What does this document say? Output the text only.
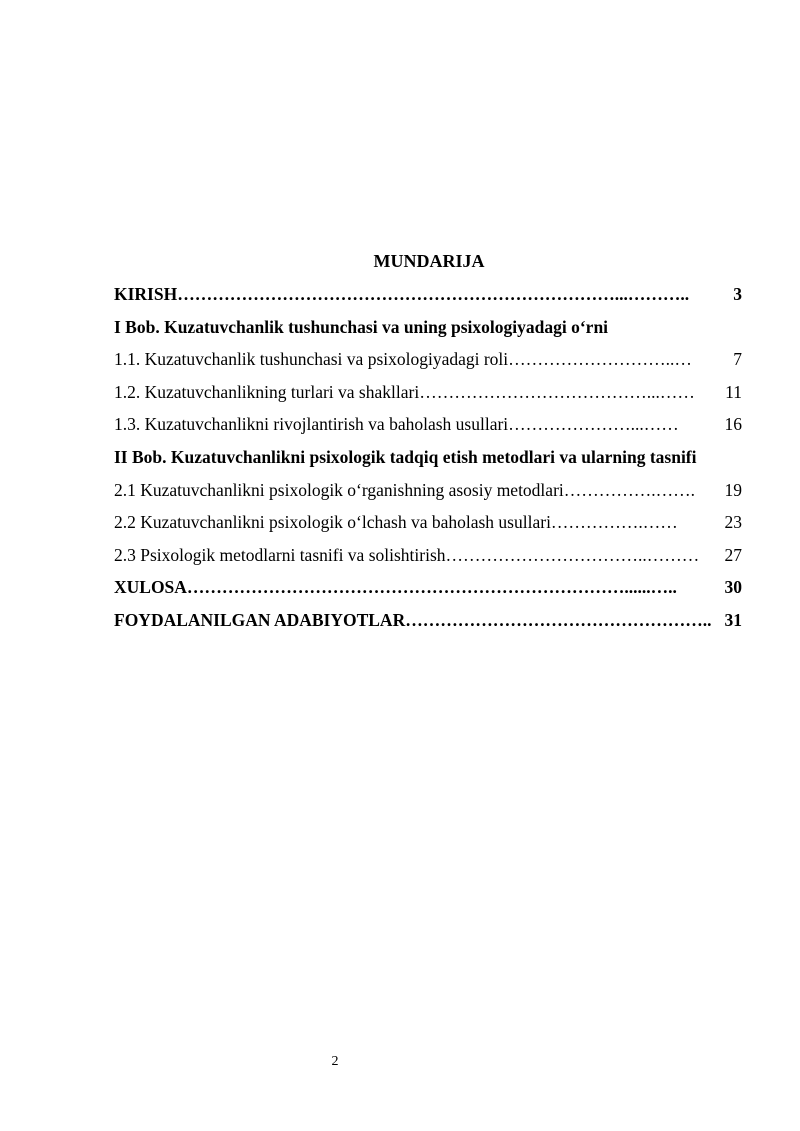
MUNDARIJA
3
KIRISH…………………………………………………………………...………..
I Bob. Kuzatuvchanlik tushunchasi va uning psixologiyadagi o‘rni
7
1.1. Kuzatuvchanlik tushunchasi va psixologiyadagi roli………………………..…
11
1.2. Kuzatuvchanlikning turlari va shakllari…………………………………...……
16
1.3. Kuzatuvchanlikni rivojlantirish va baholash usullari…………………...……
II Bob. Kuzatuvchanlikni psixologik tadqiq etish metodlari va ularning tasnifi
19
2.1 Kuzatuvchanlikni psixologik o‘rganishning asosiy metodlari…………….…….
23
2.2 Kuzatuvchanlikni psixologik o‘lchash va baholash usullari…………….……
27
2.3 Psixologik metodlarni tasnifi va solishtirish……………………………..………
30
XULOSA…………………………………………………………………......…..
31
FOYDALANILGAN ADABIYOTLAR……………………………………………..
2
